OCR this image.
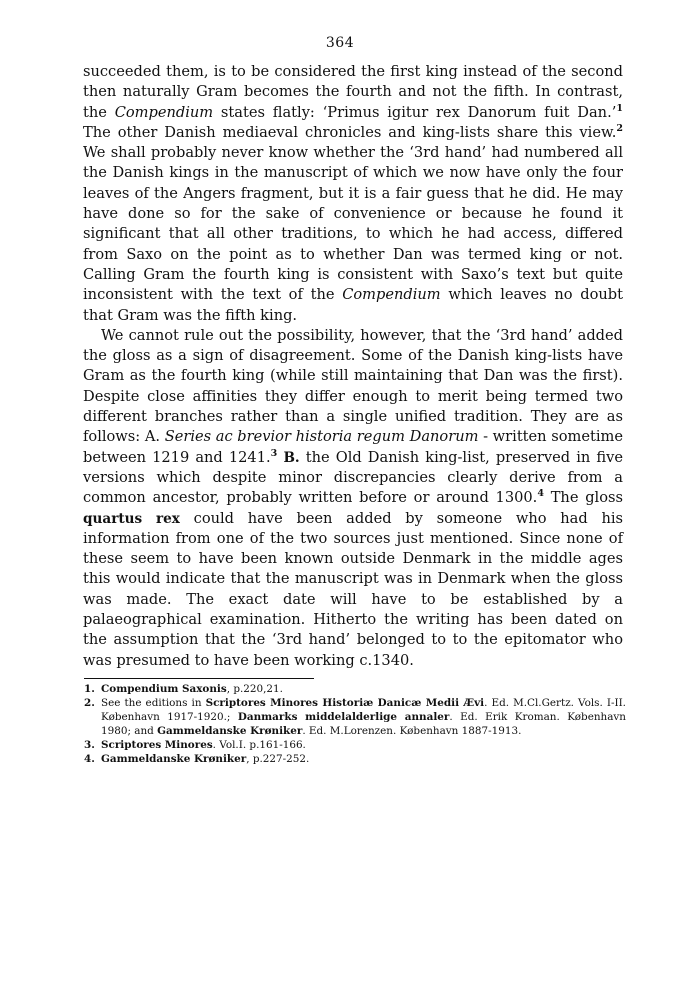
364

succeeded them, is to be considered the first king instead of the second then naturally Gram becomes the fourth and not the fifth. In contrast, the Compendium states flatly: ‘Primus igitur rex Danorum fuit Dan.’$^1$ The other Danish mediaeval chronicles and king-lists share this view.$^2$ We shall probably never know whether the ‘3rd hand’ had numbered all the Danish kings in the manuscript of which we now have only the four leaves of the Angers fragment, but it is a fair guess that he did. He may have done so for the sake of convenience or because he found it significant that all other traditions, to which he had access, differed from Saxo on the point as to whether Dan was termed king or not. Calling Gram the fourth king is consistent with Saxo’s text but quite inconsistent with the text of the Compendium which leaves no doubt that Gram was the fifth king.

We cannot rule out the possibility, however, that the ‘3rd hand’ added the gloss as a sign of disagreement. Some of the Danish king-lists have Gram as the fourth king (while still maintaining that Dan was the first). Despite close affinities they differ enough to merit being termed two different branches rather than a single unified tradition. They are as follows: A. Series ac brevior historia regum Danorum - written sometime between 1219 and 1241.$^3$ B. the Old Danish king-list, preserved in five versions which despite minor discrepancies clearly derive from a common ancestor, probably written before or around 1300.$^4$ The gloss quartus rex could have been added by someone who had his information from one of the two sources just mentioned. Since none of these seem to have been known outside Denmark in the middle ages this would indicate that the manuscript was in Denmark when the gloss was made. The exact date will have to be established by a palaeographical examination. Hitherto the writing has been dated on the assumption that the ‘3rd hand’ belonged to to the epitomator who was presumed to have been working c.1340.

1. Compendium Saxonis, p.220,21.
2. See the editions in Scriptores Minores Historiæ Danicæ Medii Ævi. Ed. M.Cl.Gertz. Vols. I-II. København 1917-1920.; Danmarks middelalderlige annaler. Ed. Erik Kroman. København 1980; and Gammeldanske Krøniker. Ed. M.Lorenzen. København 1887-1913.
3. Scriptores Minores. Vol.I. p.161-166.
4. Gammeldanske Krøniker, p.227-252.
